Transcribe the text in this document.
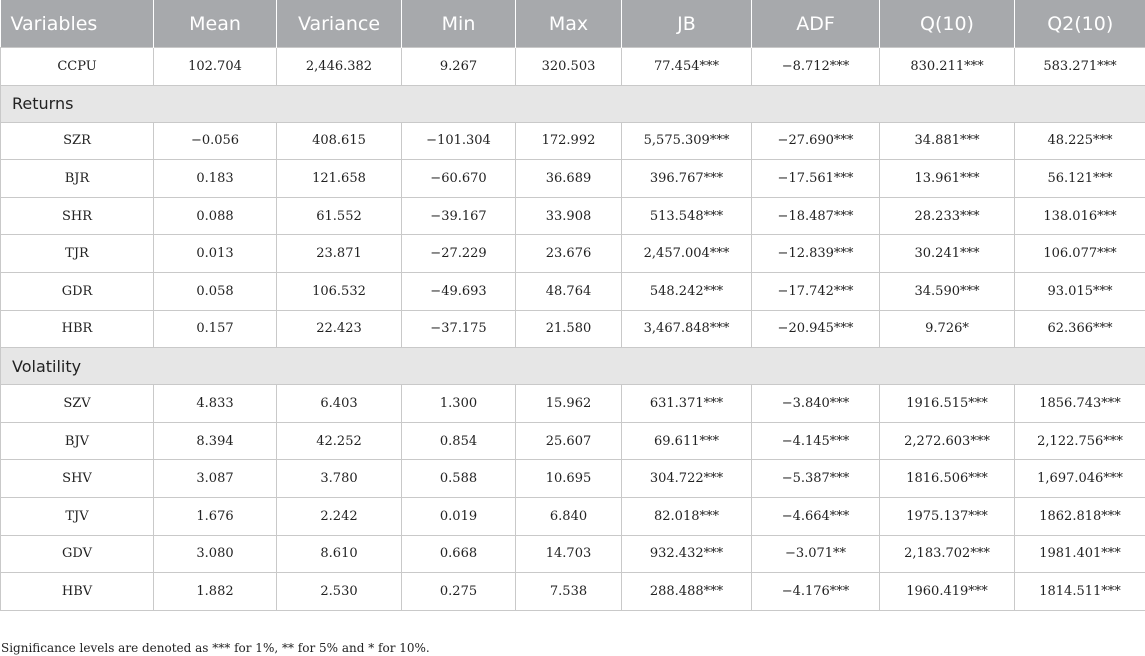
Variables	Mean	Variance	Min	Max	JB	ADF	Q(10)	Q2(10)
CCPU	102.704	2,446.382	9.267	320.503	77.454***	−8.712***	830.211***	583.271***
Returns								
SZR	−0.056	408.615	−101.304	172.992	5,575.309***	−27.690***	34.881***	48.225***
BJR	0.183	121.658	−60.670	36.689	396.767***	−17.561***	13.961***	56.121***
SHR	0.088	61.552	−39.167	33.908	513.548***	−18.487***	28.233***	138.016***
TJR	0.013	23.871	−27.229	23.676	2,457.004***	−12.839***	30.241***	106.077***
GDR	0.058	106.532	−49.693	48.764	548.242***	−17.742***	34.590***	93.015***
HBR	0.157	22.423	−37.175	21.580	3,467.848***	−20.945***	9.726*	62.366***
Volatility								
SZV	4.833	6.403	1.300	15.962	631.371***	−3.840***	1916.515***	1856.743***
BJV	8.394	42.252	0.854	25.607	69.611***	−4.145***	2,272.603***	2,122.756***
SHV	3.087	3.780	0.588	10.695	304.722***	−5.387***	1816.506***	1,697.046***
TJV	1.676	2.242	0.019	6.840	82.018***	−4.664***	1975.137***	1862.818***
GDV	3.080	8.610	0.668	14.703	932.432***	−3.071**	2,183.702***	1981.401***
HBV	1.882	2.530	0.275	7.538	288.488***	−4.176***	1960.419***	1814.511***
Significance levels are denoted as *** for 1%, ** for 5% and * for 10%.
